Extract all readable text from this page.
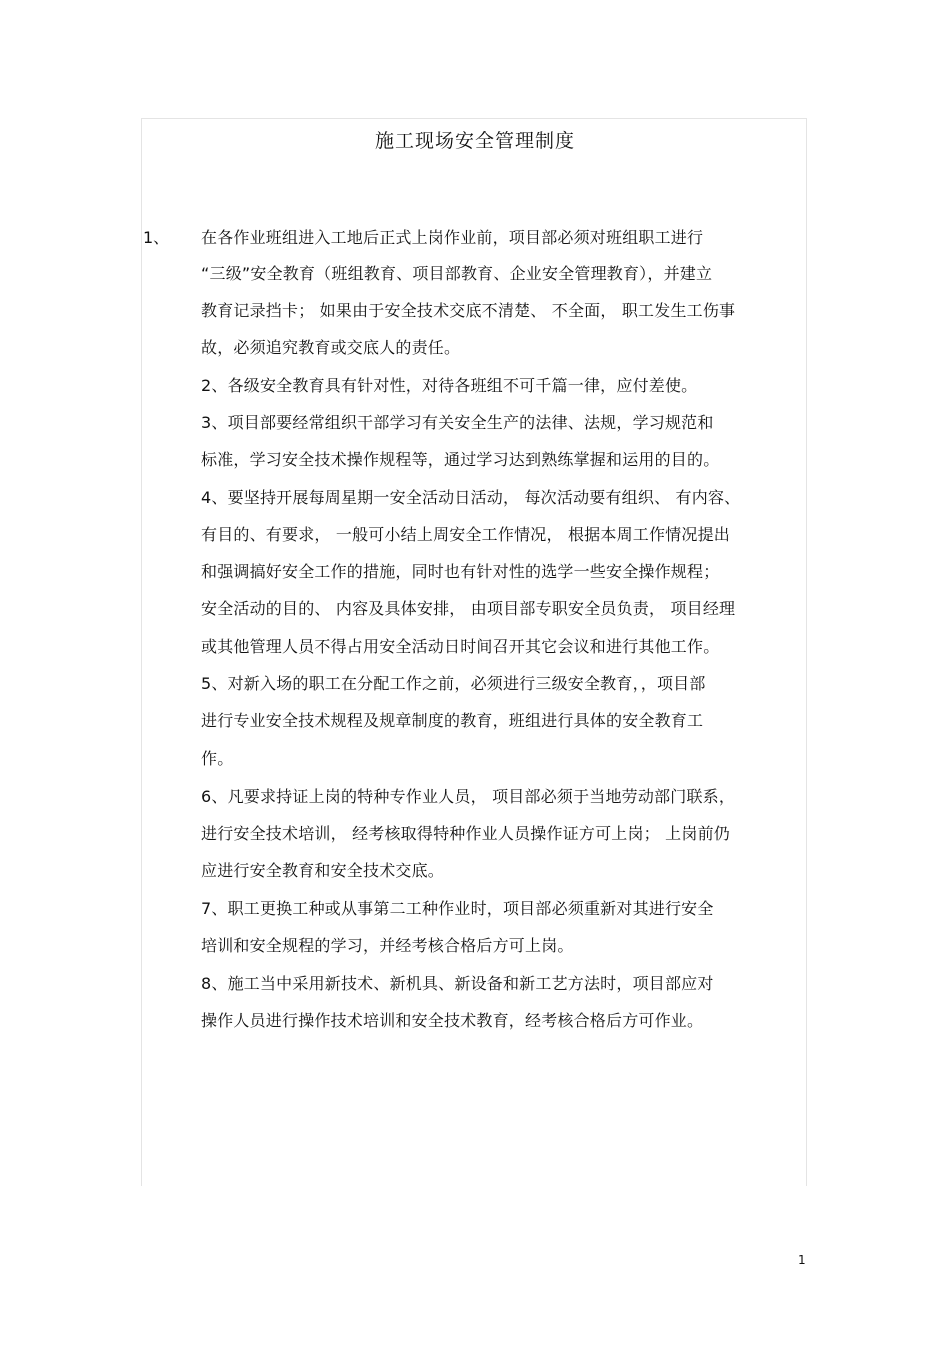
施工现场安全管理制度
1、 在各作业班组进入工地后正式上岗作业前，项目部必须对班组职工进行
“三级”安全教育（班组教育、项目部教育、企业安全管理教育），并建立
教育记录挡卡； 如果由于安全技术交底不清楚、 不全面， 职工发生工伤事
故，必须追究教育或交底人的责任。
2、各级安全教育具有针对性，对待各班组不可千篇一律，应付差使。
3、项目部要经常组织干部学习有关安全生产的法律、法规，学习规范和
标准，学习安全技术操作规程等，通过学习达到熟练掌握和运用的目的。
4、要坚持开展每周星期一安全活动日活动， 每次活动要有组织、 有内容、
有目的、有要求， 一般可小结上周安全工作情况， 根据本周工作情况提出
和强调搞好安全工作的措施，同时也有针对性的选学一些安全操作规程；
安全活动的目的、 内容及具体安排， 由项目部专职安全员负责， 项目经理
或其他管理人员不得占用安全活动日时间召开其它会议和进行其他工作。
5、对新入场的职工在分配工作之前，必须进行三级安全教育，，项目部
进行专业安全技术规程及规章制度的教育，班组进行具体的安全教育工
作。
6、凡要求持证上岗的特种专作业人员， 项目部必须于当地劳动部门联系，
进行安全技术培训， 经考核取得特种作业人员操作证方可上岗； 上岗前仍
应进行安全教育和安全技术交底。
7、职工更换工种或从事第二工种作业时，项目部必须重新对其进行安全
培训和安全规程的学习，并经考核合格后方可上岗。
8、施工当中采用新技术、新机具、新设备和新工艺方法时，项目部应对
操作人员进行操作技术培训和安全技术教育，经考核合格后方可作业。
1
